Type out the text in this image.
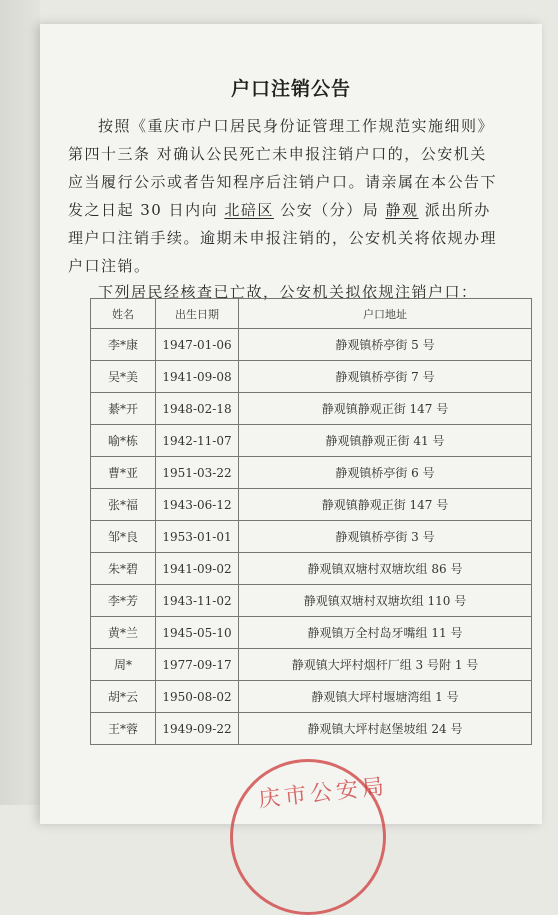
户口注销公告
按照《重庆市户口居民身份证管理工作规范实施细则》
第四十三条 对确认公民死亡未申报注销户口的，公安机关
应当履行公示或者告知程序后注销户口。请亲属在本公告下
发之日起 30 日内向 北碚区 公安（分）局 静观 派出所办
理户口注销手续。逾期未申报注销的，公安机关将依规办理
户口注销。
下列居民经核查已亡故，公安机关拟依规注销户口：
姓名	出生日期	户口地址
李*康	1947-01-06	静观镇桥亭街 5 号
吴*美	1941-09-08	静观镇桥亭街 7 号
綦*开	1948-02-18	静观镇静观正街 147 号
喻*栋	1942-11-07	静观镇静观正街 41 号
曹*亚	1951-03-22	静观镇桥亭街 6 号
张*福	1943-06-12	静观镇静观正街 147 号
邹*良	1953-01-01	静观镇桥亭街 3 号
朱*碧	1941-09-02	静观镇双塘村双塘坎组 86 号
李*芳	1943-11-02	静观镇双塘村双塘坎组 110 号
黄*兰	1945-05-10	静观镇万全村岛牙嘴组 11 号
周*	1977-09-17	静观镇大坪村烟杆厂组 3 号附 1 号
胡*云	1950-08-02	静观镇大坪村堰塘湾组 1 号
王*蓉	1949-09-22	静观镇大坪村赵堡坡组 24 号
庆市公安局
